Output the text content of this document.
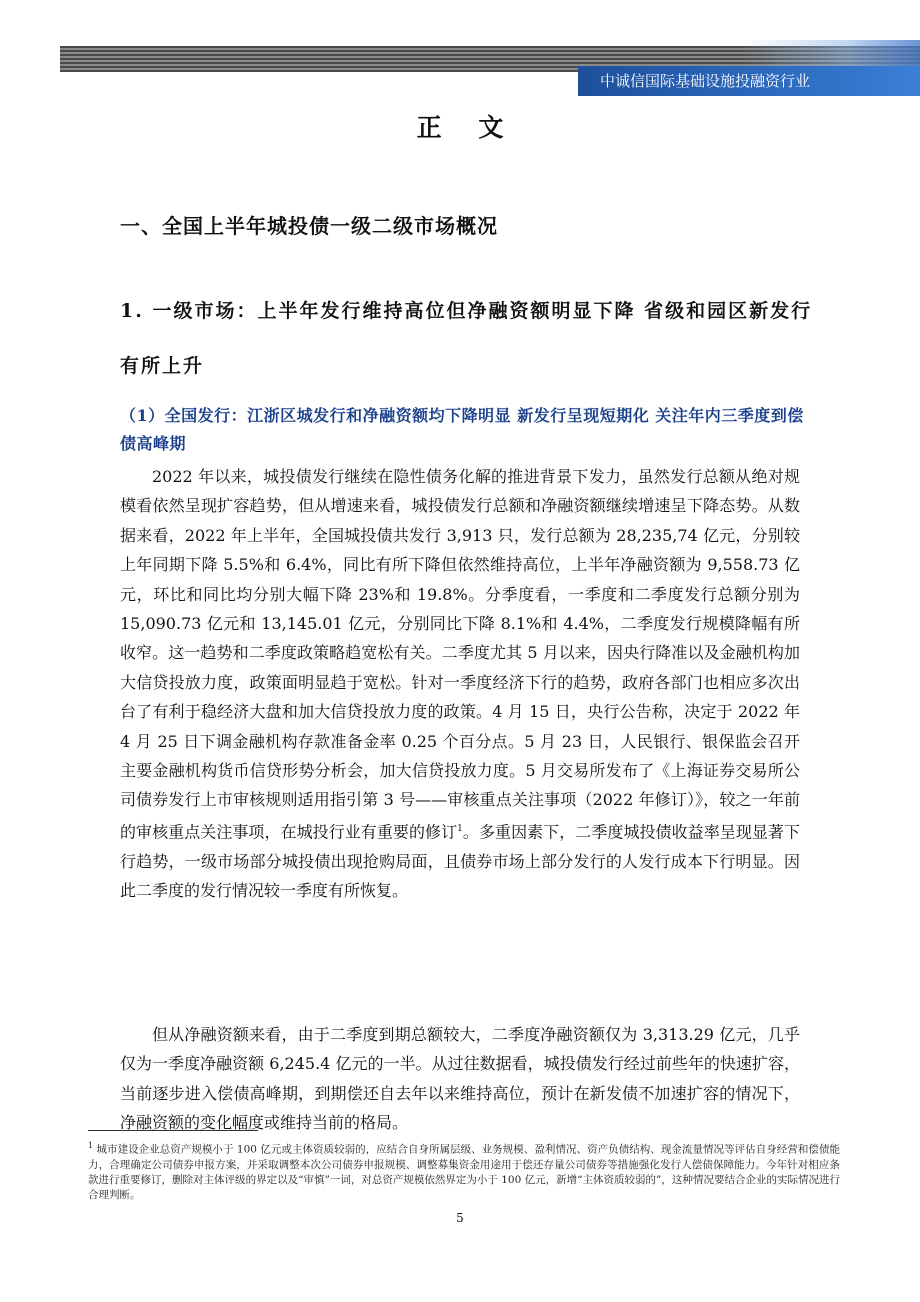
中诚信国际基础设施投融资行业
正 文
一、全国上半年城投债一级二级市场概况
1. 一级市场：上半年发行维持高位但净融资额明显下降 省级和园区新发行有所上升
（1）全国发行：江浙区城发行和净融资额均下降明显 新发行呈现短期化 关注年内三季度到偿债高峰期

2022 年以来，城投债发行继续在隐性债务化解的推进背景下发力，虽然发行总额从绝对规模看依然呈现扩容趋势，但从增速来看，城投债发行总额和净融资额继续增速呈下降态势。从数据来看，2022 年上半年，全国城投债共发行 3,913 只，发行总额为 28,235,74 亿元，分别较上年同期下降 5.5%和 6.4%，同比有所下降但依然维持高位，上半年净融资额为 9,558.73 亿元，环比和同比均分别大幅下降 23%和 19.8%。分季度看，一季度和二季度发行总额分别为 15,090.73 亿元和 13,145.01 亿元，分别同比下降 8.1%和 4.4%，二季度发行规模降幅有所收窄。这一趋势和二季度政策略趋宽松有关。二季度尤其 5 月以来，因央行降准以及金融机构加大信贷投放力度，政策面明显趋于宽松。针对一季度经济下行的趋势，政府各部门也相应多次出台了有利于稳经济大盘和加大信贷投放力度的政策。4 月 15 日，央行公告称，决定于 2022 年 4 月 25 日下调金融机构存款准备金率 0.25 个百分点。5 月 23 日，人民银行、银保监会召开主要金融机构货币信贷形势分析会，加大信贷投放力度。5 月交易所发布了《上海证券交易所公司债券发行上市审核规则适用指引第 3 号——审核重点关注事项（2022 年修订）》，较之一年前的审核重点关注事项，在城投行业有重要的修订$^1$。多重因素下，二季度城投债收益率呈现显著下行趋势，一级市场部分城投债出现抢购局面，且债券市场上部分发行的人发行成本下行明显。因此二季度的发行情况较一季度有所恢复。

但从净融资额来看，由于二季度到期总额较大，二季度净融资额仅为 3,313.29 亿元，几乎仅为一季度净融资额 6,245.4 亿元的一半。从过往数据看，城投债发行经过前些年的快速扩容，当前逐步进入偿债高峰期，到期偿还自去年以来维持高位，预计在新发债不加速扩容的情况下，净融资额的变化幅度或维持当前的格局。

$^1$ 城市建设企业总资产规模小于 100 亿元或主体资质较弱的，应结合自身所属层级、业务规模、盈利情况、资产负债结构、现金流量情况等评估自身经营和偿债能力，合理确定公司债券申报方案，并采取调整本次公司债券申报规模、调整募集资金用途用于偿还存量公司债券等措施强化发行人偿债保障能力。今年针对相应条款进行重要修订，删除对主体评级的界定以及“审慎”一词，对总资产规模依然界定为小于 100 亿元，新增“主体资质较弱的”，这种情况要结合企业的实际情况进行合理判断。
5
